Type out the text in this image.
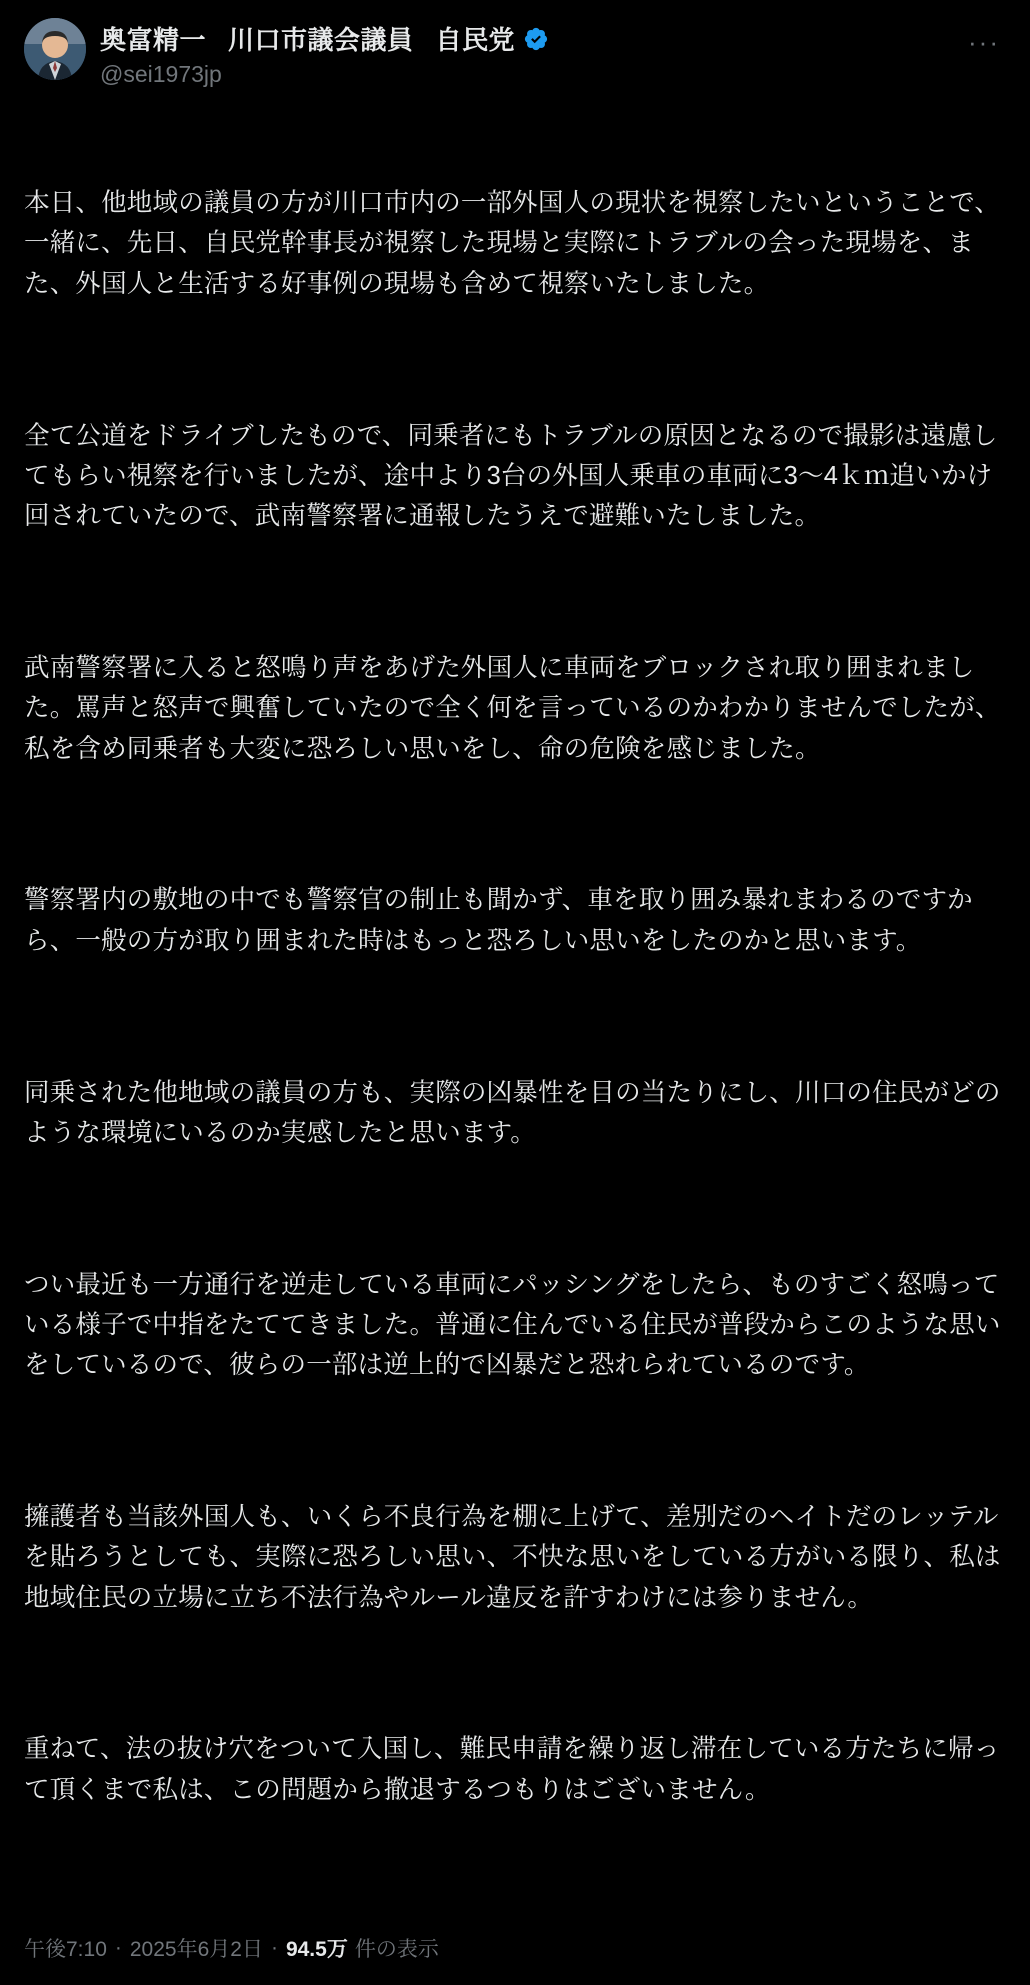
奥富精一 川口市議会議員 自民党
@sei1973jp
···

本日、他地域の議員の方が川口市内の一部外国人の現状を視察したいということで、一緒に、先日、自民党幹事長が視察した現場と実際にトラブルの会った現場を、また、外国人と生活する好事例の現場も含めて視察いたしました。

全て公道をドライブしたもので、同乗者にもトラブルの原因となるので撮影は遠慮してもらい視察を行いましたが、途中より3台の外国人乗車の車両に3〜4ｋｍ追いかけ回されていたので、武南警察署に通報したうえで避難いたしました。

武南警察署に入ると怒鳴り声をあげた外国人に車両をブロックされ取り囲まれました。罵声と怒声で興奮していたので全く何を言っているのかわかりませんでしたが、私を含め同乗者も大変に恐ろしい思いをし、命の危険を感じました。

警察署内の敷地の中でも警察官の制止も聞かず、車を取り囲み暴れまわるのですから、一般の方が取り囲まれた時はもっと恐ろしい思いをしたのかと思います。

同乗された他地域の議員の方も、実際の凶暴性を目の当たりにし、川口の住民がどのような環境にいるのか実感したと思います。

つい最近も一方通行を逆走している車両にパッシングをしたら、ものすごく怒鳴っている様子で中指をたててきました。普通に住んでいる住民が普段からこのような思いをしているので、彼らの一部は逆上的で凶暴だと恐れられているのです。

擁護者も当該外国人も、いくら不良行為を棚に上げて、差別だのヘイトだのレッテルを貼ろうとしても、実際に恐ろしい思い、不快な思いをしている方がいる限り、私は地域住民の立場に立ち不法行為やルール違反を許すわけには参りません。

重ねて、法の抜け穴をついて入国し、難民申請を繰り返し滞在している方たちに帰って頂くまで私は、この問題から撤退するつもりはございません。

午後7:10 · 2025年6月2日 · 94.5万 件の表示
